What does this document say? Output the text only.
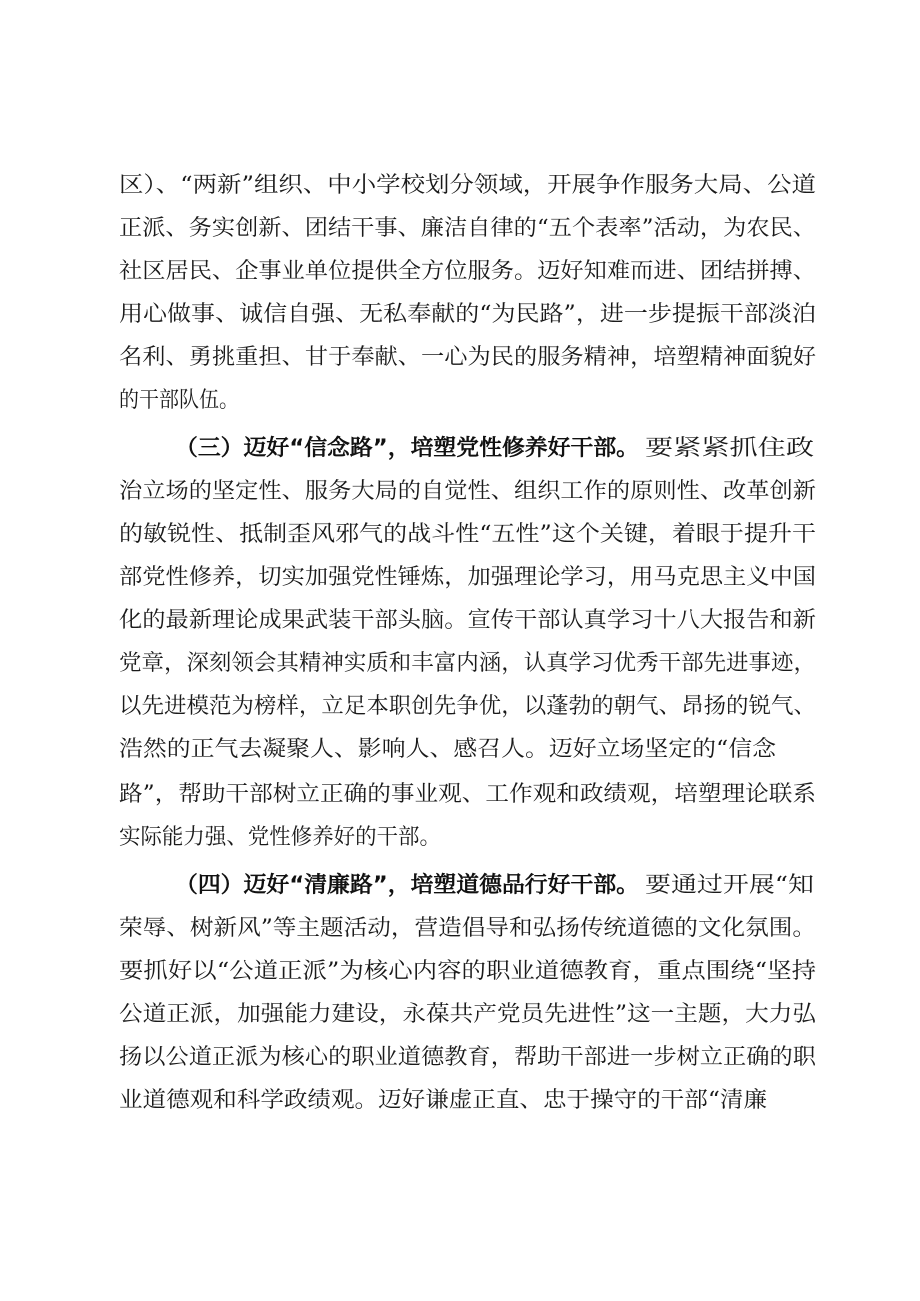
区）、“两新”组织、中小学校划分领域，开展争作服务大局、公道
正派、务实创新、团结干事、廉洁自律的“五个表率”活动，为农民、
社区居民、企事业单位提供全方位服务。迈好知难而进、团结拼搏、
用心做事、诚信自强、无私奉献的“为民路”，进一步提振干部淡泊
名利、勇挑重担、甘于奉献、一心为民的服务精神，培塑精神面貌好
的干部队伍。
（三）迈好“信念路”，培塑党性修养好干部。 要紧紧抓住政
治立场的坚定性、服务大局的自觉性、组织工作的原则性、改革创新
的敏锐性、抵制歪风邪气的战斗性“五性”这个关键，着眼于提升干
部党性修养，切实加强党性锤炼，加强理论学习，用马克思主义中国
化的最新理论成果武装干部头脑。宣传干部认真学习十八大报告和新
党章，深刻领会其精神实质和丰富内涵，认真学习优秀干部先进事迹，
以先进模范为榜样，立足本职创先争优，以蓬勃的朝气、昂扬的锐气、
浩然的正气去凝聚人、影响人、感召人。迈好立场坚定的“信念
路”，帮助干部树立正确的事业观、工作观和政绩观，培塑理论联系
实际能力强、党性修养好的干部。
（四）迈好“清廉路”，培塑道德品行好干部。 要通过开展“知
荣辱、树新风”等主题活动，营造倡导和弘扬传统道德的文化氛围。
要抓好以“公道正派”为核心内容的职业道德教育，重点围绕“坚持
公道正派，加强能力建设，永葆共产党员先进性”这一主题，大力弘
扬以公道正派为核心的职业道德教育，帮助干部进一步树立正确的职
业道德观和科学政绩观。迈好谦虚正直、忠于操守的干部“清廉
